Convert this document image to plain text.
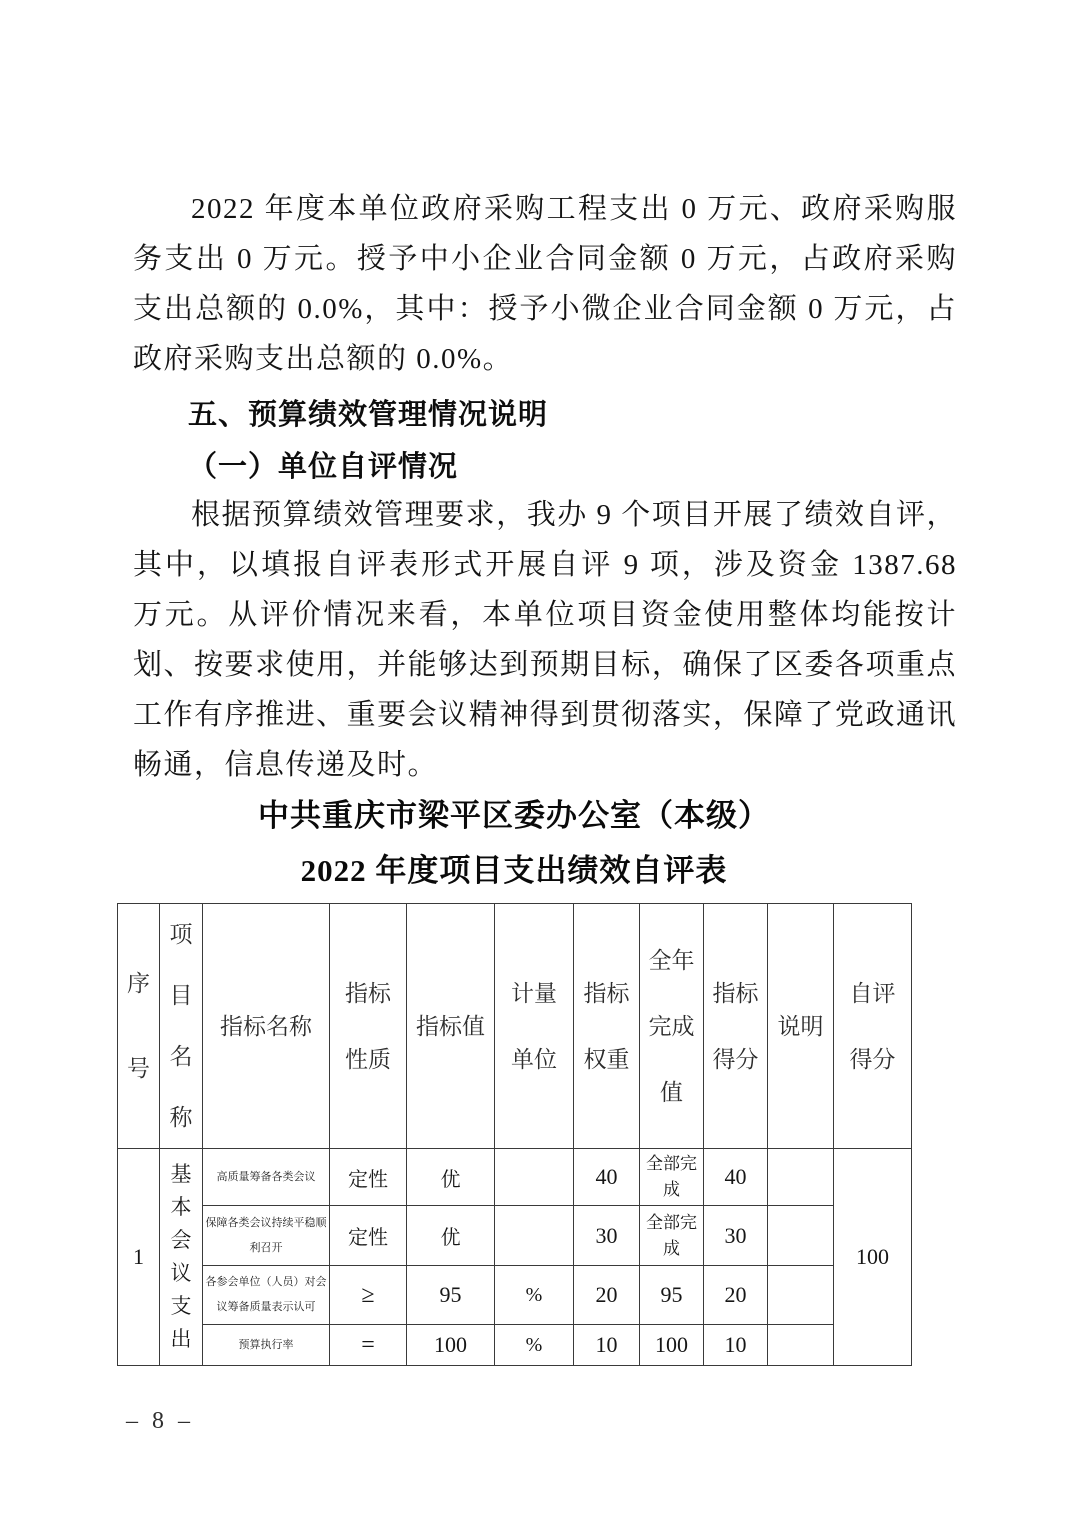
2022 年度本单位政府采购工程支出 0 万元、政府采购服务支出 0 万元。授予中小企业合同金额 0 万元，占政府采购支出总额的 0.0%，其中：授予小微企业合同金额 0 万元，占政府采购支出总额的 0.0%。
五、预算绩效管理情况说明
（一）单位自评情况
根据预算绩效管理要求，我办 9 个项目开展了绩效自评，其中，以填报自评表形式开展自评 9 项，涉及资金 1387.68 万元。从评价情况来看，本单位项目资金使用整体均能按计划、按要求使用，并能够达到预期目标，确保了区委各项重点工作有序推进、重要会议精神得到贯彻落实，保障了党政通讯畅通，信息传递及时。
中共重庆市梁平区委办公室（本级）
2022 年度项目支出绩效自评表
序号	项目名称	指标名称	指标性质	指标值	计量单位	指标权重	全年完成值	指标得分	说明	自评得分

1	基本会议支出	高质量筹备各类会议	定性	优		40	全部完成	40		100
		保障各类会议持续平稳顺利召开	定性	优		30	全部完成	30		
		各参会单位（人员）对会议筹备质量表示认可	≥	95	%	20	95	20		
		预算执行率	=	100	%	10	100	10		
– 8 –
